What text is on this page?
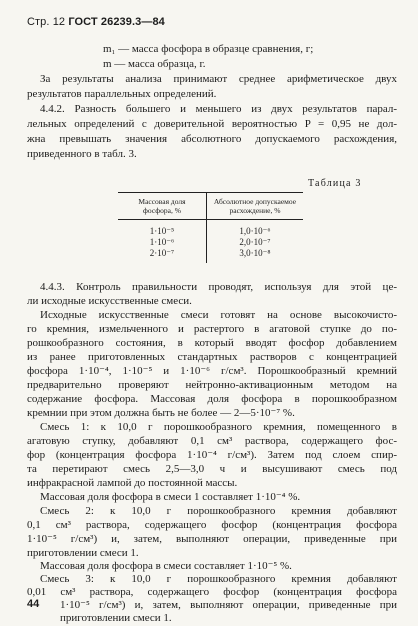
Стр. 12 ГОСТ 26239.3—84
m₁ — масса фосфора в образце сравнения, г;
m — масса образца, г.
За результаты анализа принимают среднее арифметическое двух
результатов параллельных определений.
4.4.2. Разность большего и меньшего из двух результатов парал-
лельных определений с доверительной вероятностью P = 0,95 не дол-
жна превышать значения абсолютного допускаемого расхождения,
приведенного в табл. 3.
Таблица 3
Массовая доля фосфора, %	Абсолютное допускаемое расхождение, %
1·10⁻⁵	1,0·10⁻⁶
1·10⁻⁶	2,0·10⁻⁷
2·10⁻⁷	3,0·10⁻⁸
4.4.3. Контроль правильности проводят, используя для этой це-
ли исходные искусственные смеси.
Исходные искусственные смеси готовят на основе высокочисто-
го кремния, измельченного и растертого в агатовой ступке до по-
рошкообразного состояния, в который вводят фосфор добавлением
из ранее приготовленных стандартных растворов с концентрацией
фосфора 1·10⁻⁴, 1·10⁻⁵ и 1·10⁻⁶ г/см³. Порошкообразный кремний
предварительно проверяют нейтронно-активационным методом на
содержание фосфора. Массовая доля фосфора в порошкообразном
кремнии при этом должна быть не более — 2—5·10⁻⁷ %.
Смесь 1: к 10,0 г порошкообразного кремния, помещенного в
агатовую ступку, добавляют 0,1 см³ раствора, содержащего фос-
фор (концентрация фосфора 1·10⁻⁴ г/см³). Затем под слоем спир-
та перетирают смесь 2,5—3,0 ч и высушивают смесь под
инфракрасной лампой до постоянной массы.
Массовая доля фосфора в смеси 1 составляет 1·10⁻⁴ %.
Смесь 2: к 10,0 г порошкообразного кремния добавляют
0,1 см³ раствора, содержащего фосфор (концентрация фосфора
1·10⁻⁵ г/см³) и, затем, выполняют операции, приведенные при
приготовлении смеси 1.
Массовая доля фосфора в смеси составляет 1·10⁻⁵ %.
Смесь 3: к 10,0 г порошкообразного кремния добавляют
0,01 см³ раствора, содержащего фосфор (концентрация фосфора
1·10⁻⁵ г/см³) и, затем, выполняют операции, приведенные при
приготовлении смеси 1.
44
